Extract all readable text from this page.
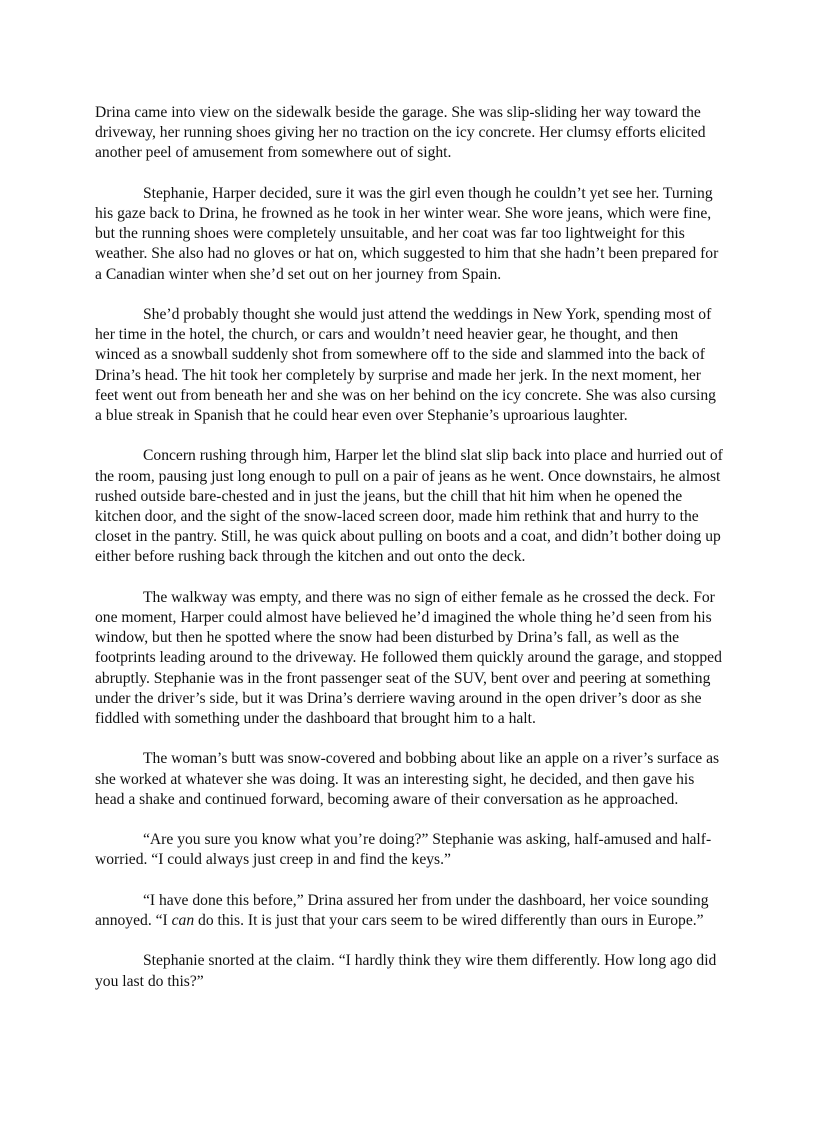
Drina came into view on the sidewalk beside the garage. She was slip-sliding her way toward the driveway, her running shoes giving her no traction on the icy concrete. Her clumsy efforts elicited another peel of amusement from somewhere out of sight.

Stephanie, Harper decided, sure it was the girl even though he couldn’t yet see her. Turning his gaze back to Drina, he frowned as he took in her winter wear. She wore jeans, which were fine, but the running shoes were completely unsuitable, and her coat was far too lightweight for this weather. She also had no gloves or hat on, which suggested to him that she hadn’t been prepared for a Canadian winter when she’d set out on her journey from Spain.

She’d probably thought she would just attend the weddings in New York, spending most of her time in the hotel, the church, or cars and wouldn’t need heavier gear, he thought, and then winced as a snowball suddenly shot from somewhere off to the side and slammed into the back of Drina’s head. The hit took her completely by surprise and made her jerk. In the next moment, her feet went out from beneath her and she was on her behind on the icy concrete. She was also cursing a blue streak in Spanish that he could hear even over Stephanie’s uproarious laughter.

Concern rushing through him, Harper let the blind slat slip back into place and hurried out of the room, pausing just long enough to pull on a pair of jeans as he went. Once downstairs, he almost rushed outside bare-chested and in just the jeans, but the chill that hit him when he opened the kitchen door, and the sight of the snow-laced screen door, made him rethink that and hurry to the closet in the pantry. Still, he was quick about pulling on boots and a coat, and didn’t bother doing up either before rushing back through the kitchen and out onto the deck.

The walkway was empty, and there was no sign of either female as he crossed the deck. For one moment, Harper could almost have believed he’d imagined the whole thing he’d seen from his window, but then he spotted where the snow had been disturbed by Drina’s fall, as well as the footprints leading around to the driveway. He followed them quickly around the garage, and stopped abruptly. Stephanie was in the front passenger seat of the SUV, bent over and peering at something under the driver’s side, but it was Drina’s derriere waving around in the open driver’s door as she fiddled with something under the dashboard that brought him to a halt.

The woman’s butt was snow-covered and bobbing about like an apple on a river’s surface as she worked at whatever she was doing. It was an interesting sight, he decided, and then gave his head a shake and continued forward, becoming aware of their conversation as he approached.

“Are you sure you know what you’re doing?” Stephanie was asking, half-amused and half-worried. “I could always just creep in and find the keys.”

“I have done this before,” Drina assured her from under the dashboard, her voice sounding annoyed. “I can do this. It is just that your cars seem to be wired differently than ours in Europe.”

Stephanie snorted at the claim. “I hardly think they wire them differently. How long ago did you last do this?”
